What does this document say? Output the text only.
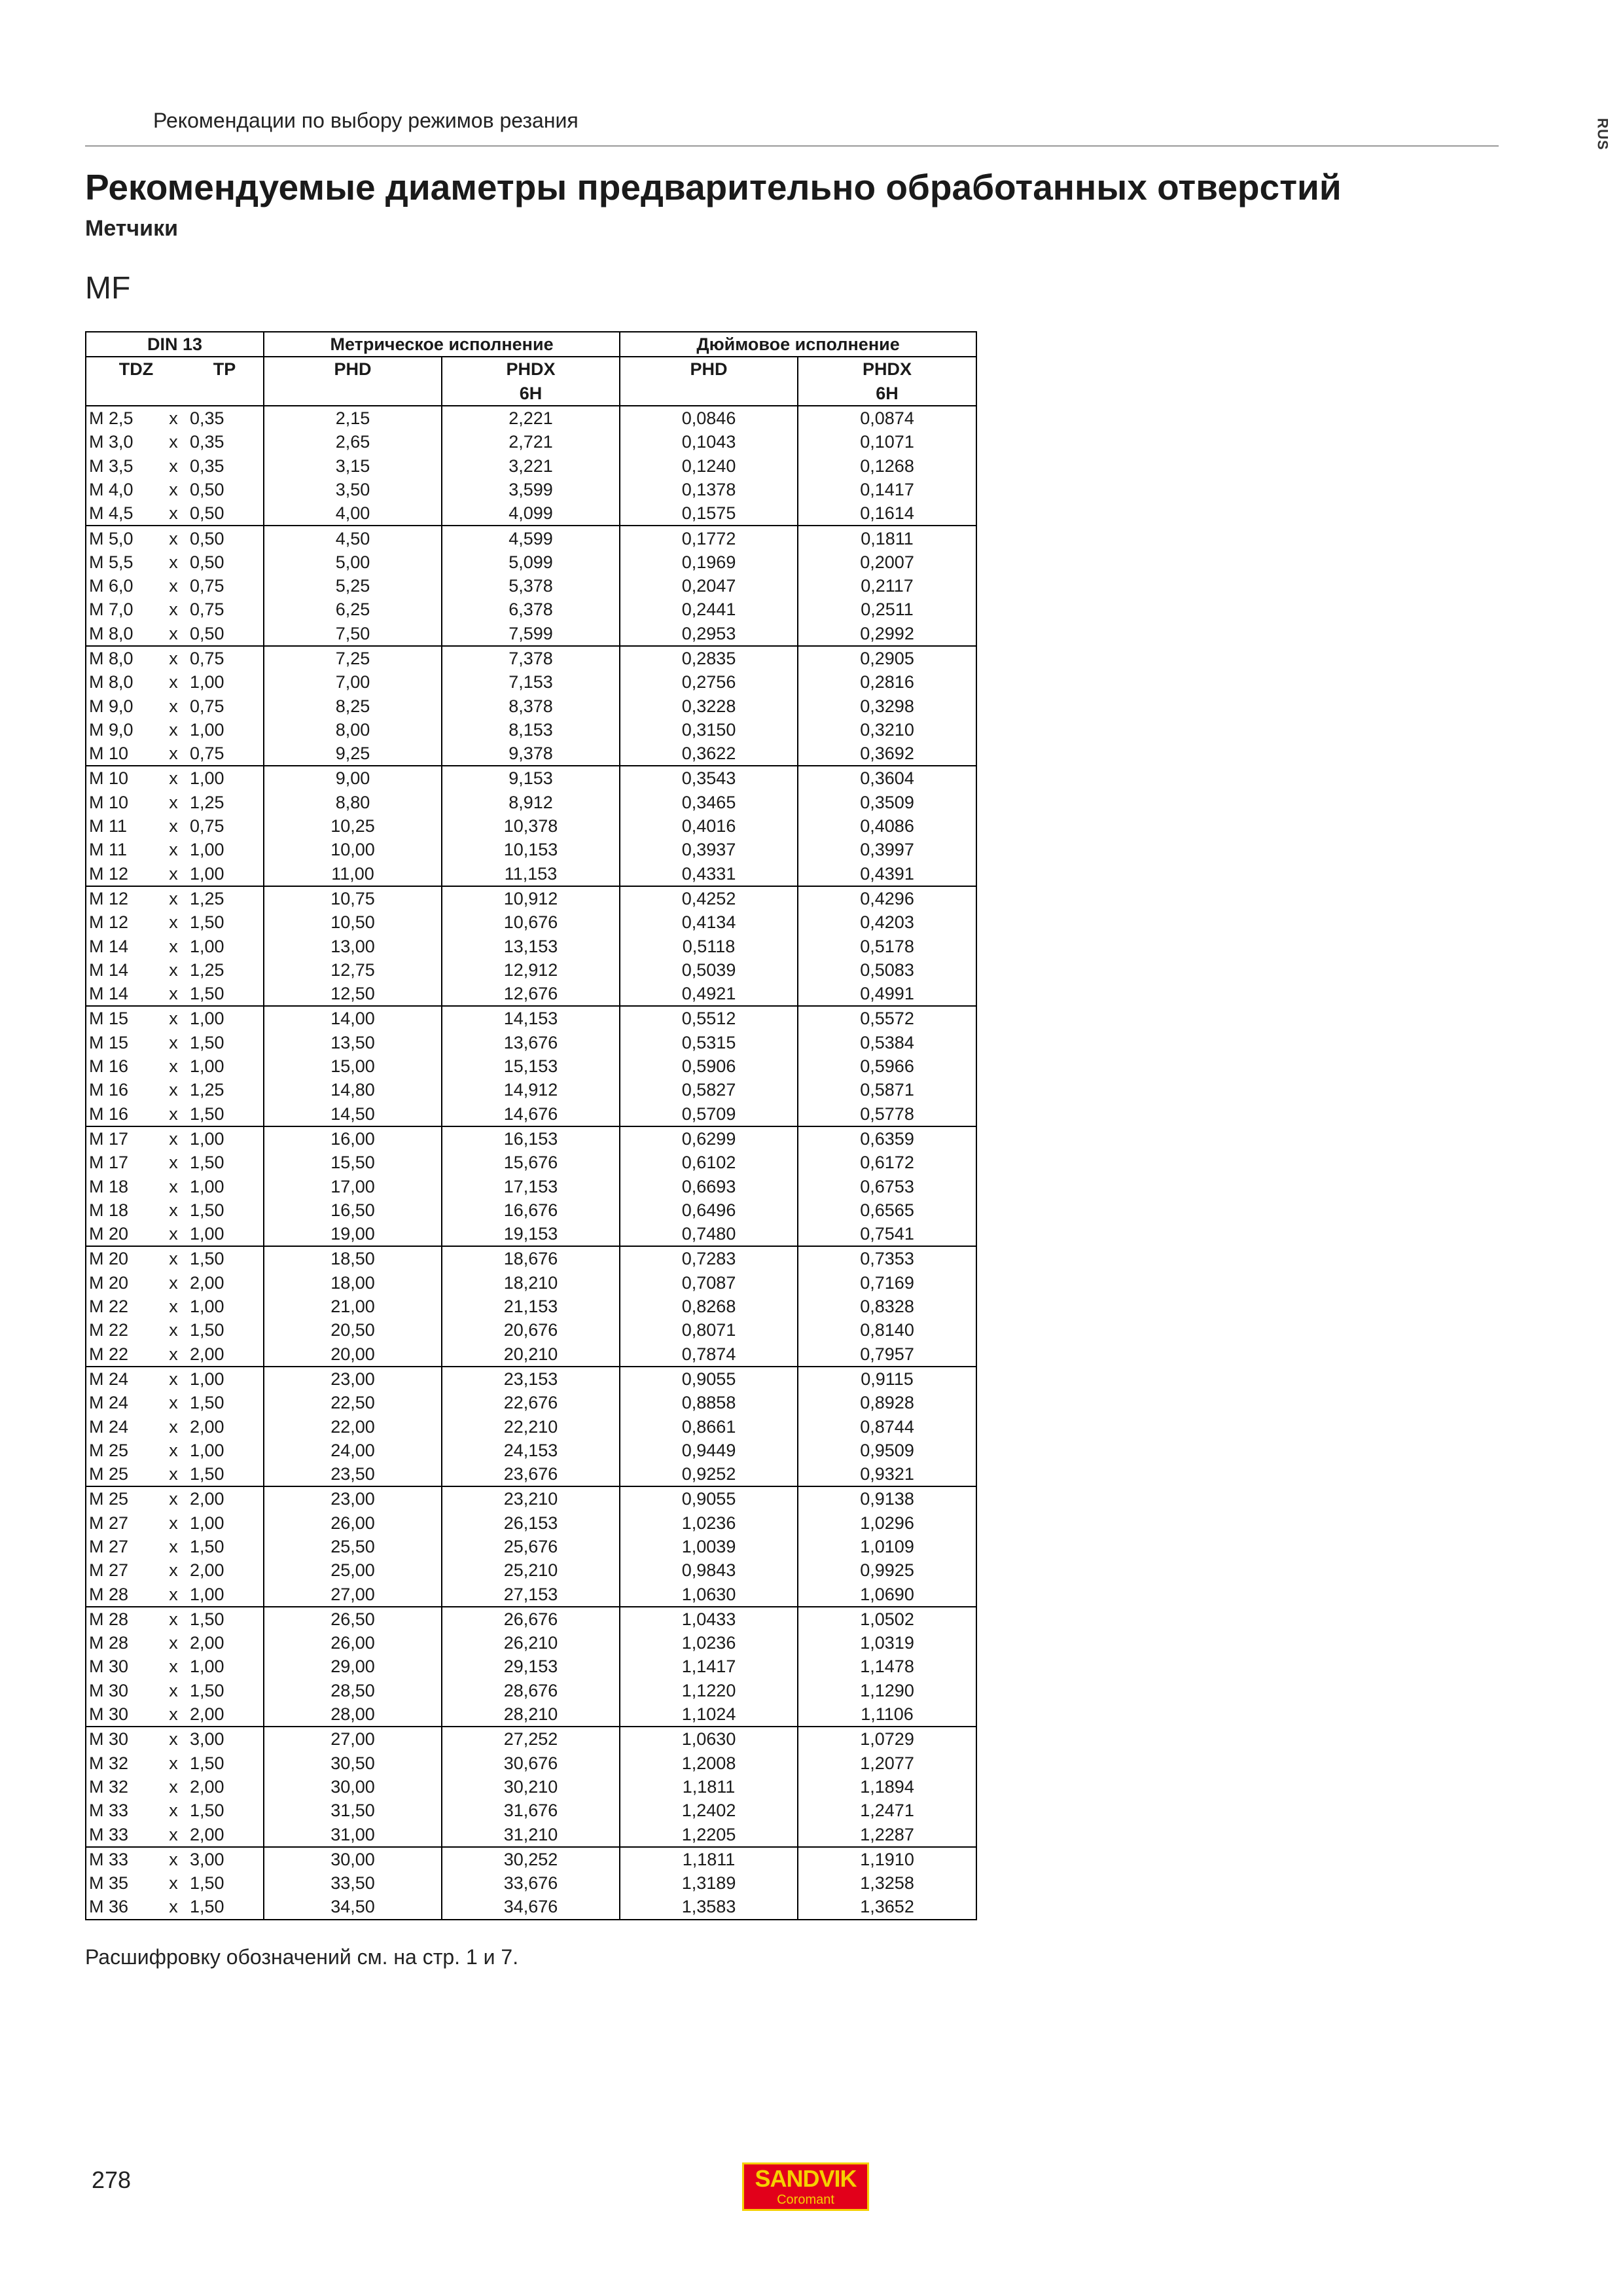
Рекомендации по выбору режимов резания	RUS
Рекомендуемые диаметры предварительно обработанных отверстий
Метчики
MF
DIN 13			Метрическое исполнение		Дюймовое исполнение	
TDZ		TP	PHD	PHDX	PHD	PHDX
				6H		6H
M 2,5	x	0,35	2,15	2,221	0,0846	0,0874
M 3,0	x	0,35	2,65	2,721	0,1043	0,1071
M 3,5	x	0,35	3,15	3,221	0,1240	0,1268
M 4,0	x	0,50	3,50	3,599	0,1378	0,1417
M 4,5	x	0,50	4,00	4,099	0,1575	0,1614
M 5,0	x	0,50	4,50	4,599	0,1772	0,1811
M 5,5	x	0,50	5,00	5,099	0,1969	0,2007
M 6,0	x	0,75	5,25	5,378	0,2047	0,2117
M 7,0	x	0,75	6,25	6,378	0,2441	0,2511
M 8,0	x	0,50	7,50	7,599	0,2953	0,2992
M 8,0	x	0,75	7,25	7,378	0,2835	0,2905
M 8,0	x	1,00	7,00	7,153	0,2756	0,2816
M 9,0	x	0,75	8,25	8,378	0,3228	0,3298
M 9,0	x	1,00	8,00	8,153	0,3150	0,3210
M 10	x	0,75	9,25	9,378	0,3622	0,3692
M 10	x	1,00	9,00	9,153	0,3543	0,3604
M 10	x	1,25	8,80	8,912	0,3465	0,3509
M 11	x	0,75	10,25	10,378	0,4016	0,4086
M 11	x	1,00	10,00	10,153	0,3937	0,3997
M 12	x	1,00	11,00	11,153	0,4331	0,4391
M 12	x	1,25	10,75	10,912	0,4252	0,4296
M 12	x	1,50	10,50	10,676	0,4134	0,4203
M 14	x	1,00	13,00	13,153	0,5118	0,5178
M 14	x	1,25	12,75	12,912	0,5039	0,5083
M 14	x	1,50	12,50	12,676	0,4921	0,4991
M 15	x	1,00	14,00	14,153	0,5512	0,5572
M 15	x	1,50	13,50	13,676	0,5315	0,5384
M 16	x	1,00	15,00	15,153	0,5906	0,5966
M 16	x	1,25	14,80	14,912	0,5827	0,5871
M 16	x	1,50	14,50	14,676	0,5709	0,5778
M 17	x	1,00	16,00	16,153	0,6299	0,6359
M 17	x	1,50	15,50	15,676	0,6102	0,6172
M 18	x	1,00	17,00	17,153	0,6693	0,6753
M 18	x	1,50	16,50	16,676	0,6496	0,6565
M 20	x	1,00	19,00	19,153	0,7480	0,7541
M 20	x	1,50	18,50	18,676	0,7283	0,7353
M 20	x	2,00	18,00	18,210	0,7087	0,7169
M 22	x	1,00	21,00	21,153	0,8268	0,8328
M 22	x	1,50	20,50	20,676	0,8071	0,8140
M 22	x	2,00	20,00	20,210	0,7874	0,7957
M 24	x	1,00	23,00	23,153	0,9055	0,9115
M 24	x	1,50	22,50	22,676	0,8858	0,8928
M 24	x	2,00	22,00	22,210	0,8661	0,8744
M 25	x	1,00	24,00	24,153	0,9449	0,9509
M 25	x	1,50	23,50	23,676	0,9252	0,9321
M 25	x	2,00	23,00	23,210	0,9055	0,9138
M 27	x	1,00	26,00	26,153	1,0236	1,0296
M 27	x	1,50	25,50	25,676	1,0039	1,0109
M 27	x	2,00	25,00	25,210	0,9843	0,9925
M 28	x	1,00	27,00	27,153	1,0630	1,0690
M 28	x	1,50	26,50	26,676	1,0433	1,0502
M 28	x	2,00	26,00	26,210	1,0236	1,0319
M 30	x	1,00	29,00	29,153	1,1417	1,1478
M 30	x	1,50	28,50	28,676	1,1220	1,1290
M 30	x	2,00	28,00	28,210	1,1024	1,1106
M 30	x	3,00	27,00	27,252	1,0630	1,0729
M 32	x	1,50	30,50	30,676	1,2008	1,2077
M 32	x	2,00	30,00	30,210	1,1811	1,1894
M 33	x	1,50	31,50	31,676	1,2402	1,2471
M 33	x	2,00	31,00	31,210	1,2205	1,2287
M 33	x	3,00	30,00	30,252	1,1811	1,1910
M 35	x	1,50	33,50	33,676	1,3189	1,3258
M 36	x	1,50	34,50	34,676	1,3583	1,3652
Расшифровку обозначений см. на стр. 1 и 7.
278	SANDVIK
Coromant
